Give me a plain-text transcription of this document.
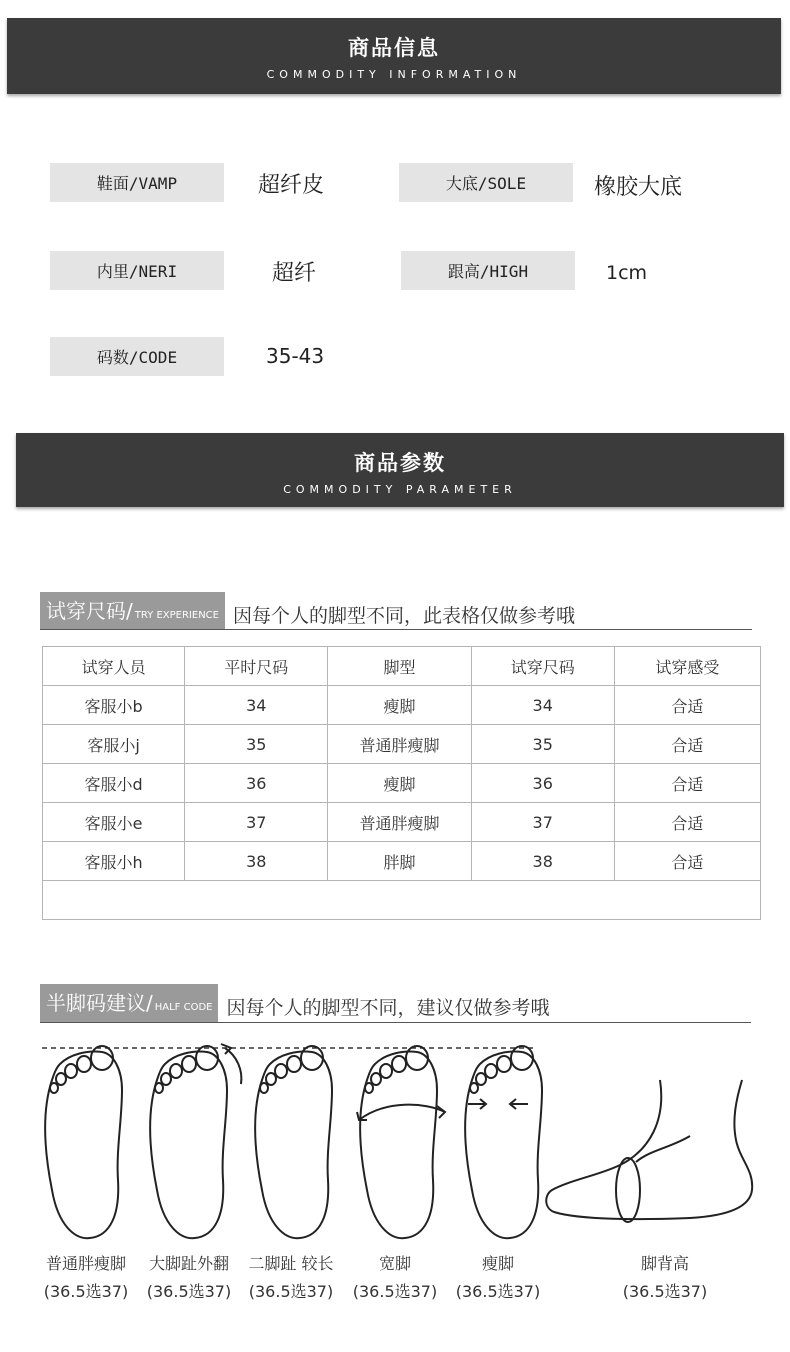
商品信息
COMMODITY INFORMATION
鞋面/VAMP	超纤皮	大底/SOLE	橡胶大底
内里/NERI	超纤	跟高/HIGH	1cm
码数/CODE	35-43
商品参数
COMMODITY PARAMETER
试穿尺码/ TRY EXPERIENCE 因每个人的脚型不同，此表格仅做参考哦
试穿人员	平时尺码	脚型	试穿尺码	试穿感受
客服小b	34	瘦脚	34	合适
客服小j	35	普通胖瘦脚	35	合适
客服小d	36	瘦脚	36	合适
客服小e	37	普通胖瘦脚	37	合适
客服小h	38	胖脚	38	合适

半脚码建议/ HALF CODE 因每个人的脚型不同，建议仅做参考哦
普通胖瘦脚
(36.5选37)
大脚趾外翻
(36.5选37)
二脚趾 较长
(36.5选37)
宽脚
(36.5选37)
瘦脚
(36.5选37)
脚背高
(36.5选37)
